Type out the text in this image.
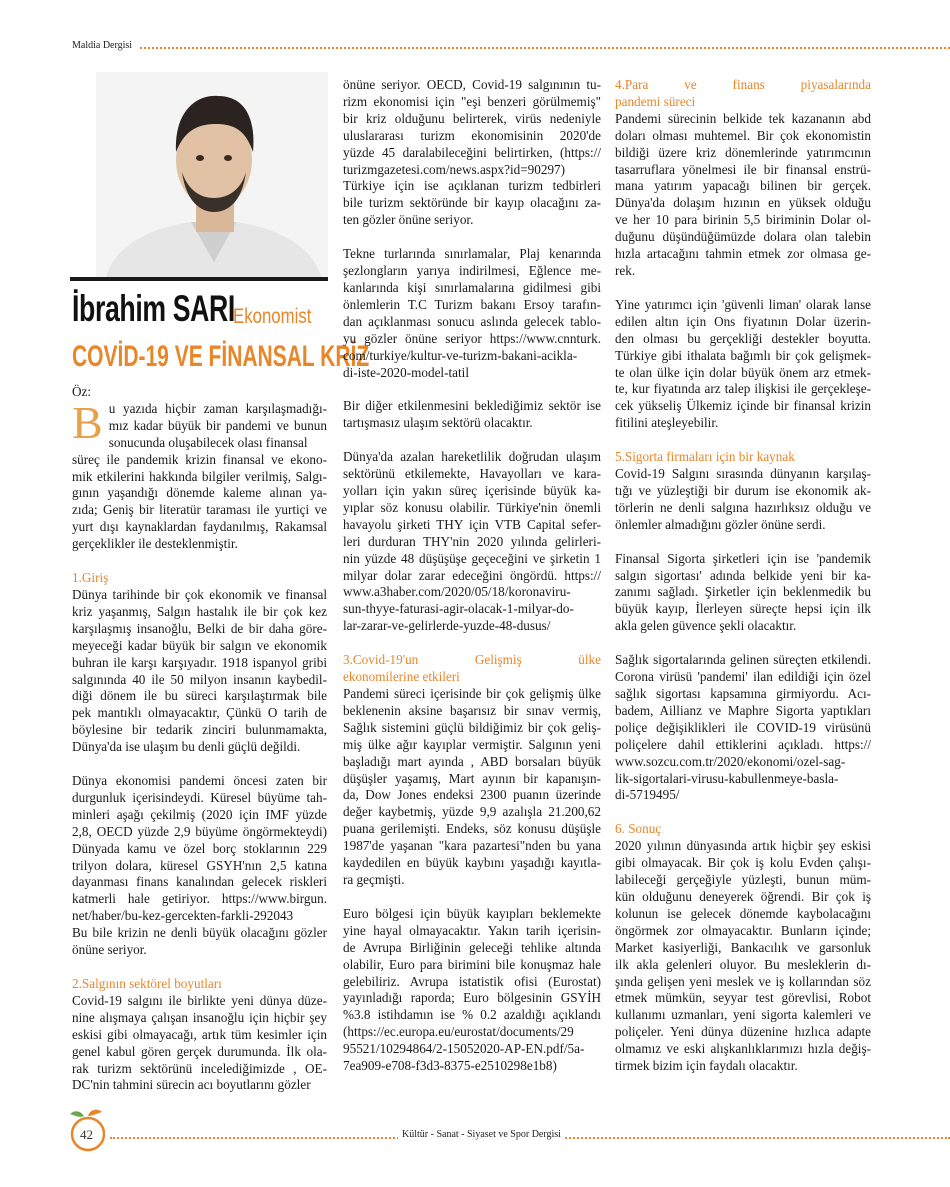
Maldia Dergisi
İbrahim SARI
Ekonomist
COVİD-19 VE FİNANSAL KRİZ

Öz:

B u yazıda hiçbir zaman karşılaşmadığı-
mız kadar büyük bir pandemi ve bunun
sonucunda oluşabilecek olası finansal
süreç ile pandemik krizin finansal ve ekono-
mik etkilerini hakkında bilgiler verilmiş, Salgı-
gının yaşandığı dönemde kaleme alınan ya-
zıda; Geniş bir literatür taraması ile yurtiçi ve
yurt dışı kaynaklardan faydanılmış, Rakamsal
gerçeklikler ile desteklenmiştir.

1.Giriş

Dünya tarihinde bir çok ekonomik ve finansal
kriz yaşanmış, Salgın hastalık ile bir çok kez
karşılaşmış insanoğlu, Belki de bir daha göre-
meyeceği kadar büyük bir salgın ve ekonomik
buhran ile karşı karşıyadır. 1918 ispanyol gribi
salgınında 40 ile 50 milyon insanın kaybedil-
diği dönem ile bu süreci karşılaştırmak bile
pek mantıklı olmayacaktır, Çünkü O tarih de
böylesine bir tedarik zinciri bulunmamakta,
Dünya'da ise ulaşım bu denli güçlü değildi.
Dünya ekonomisi pandemi öncesi zaten bir
durgunluk içerisindeydi. Küresel büyüme tah-
minleri aşağı çekilmiş (2020 için IMF yüzde
2,8, OECD yüzde 2,9 büyüme öngörmekteydi)
Dünyada kamu ve özel borç stoklarının 229
trilyon dolara, küresel GSYH'nın 2,5 katına
dayanması finans kanalından gelecek riskleri
katmerli hale getiriyor. https://www.birgun.
net/haber/bu-kez-gercekten-farkli-292043
Bu bile krizin ne denli büyük olacağını gözler
önüne seriyor.

2.Salgının sektörel boyutları

Covid-19 salgını ile birlikte yeni dünya düze-
nine alışmaya çalışan insanoğlu için hiçbir şey
eskisi gibi olmayacağı, artık tüm kesimler için
genel kabul gören gerçek durumunda. İlk ola-
rak turizm sektörünü incelediğimizde , OE-
DC'nin tahmini sürecin acı boyutlarını gözler
önüne seriyor. OECD, Covid-19 salgınının tu-
rizm ekonomisi için "eşi benzeri görülmemiş"
bir kriz olduğunu belirterek, virüs nedeniyle
uluslararası turizm ekonomisinin 2020'de
yüzde 45 daralabileceğini belirtirken, (https://
turizmgazetesi.com/news.aspx?id=90297)
Türkiye için ise açıklanan turizm tedbirleri
bile turizm sektöründe bir kayıp olacağını za-
ten gözler önüne seriyor.
Tekne turlarında sınırlamalar, Plaj kenarında
şezlongların yarıya indirilmesi, Eğlence me-
kanlarında kişi sınırlamalarına gidilmesi gibi
önlemlerin T.C Turizm bakanı Ersoy tarafın-
dan açıklanması sonucu aslında gelecek tablo-
yu gözler önüne seriyor https://www.cnnturk.
com/turkiye/kultur-ve-turizm-bakani-acikla-
di-iste-2020-model-tatil
Bir diğer etkilenmesini beklediğimiz sektör ise
tartışmasız ulaşım sektörü olacaktır.
Dünya'da azalan hareketlilik doğrudan ulaşım
sektörünü etkilemekte, Havayolları ve kara-
yolları için yakın süreç içerisinde büyük ka-
yıplar söz konusu olabilir. Türkiye'nin önemli
havayolu şirketi THY için VTB Capital sefer-
leri durduran THY'nin 2020 yılında gelirleri-
nin yüzde 48 düşüşüşe geçeceğini ve şirketin 1
milyar dolar zarar edeceğini öngördü. https://
www.a3haber.com/2020/05/18/koronaviru-
sun-thyye-faturasi-agir-olacak-1-milyar-do-
lar-zarar-ve-gelirlerde-yuzde-48-dusus/
3.Covid-19'un Gelişmiş ülke
ekonomilerine etkileri
Pandemi süreci içerisinde bir çok gelişmiş ülke
beklenenin aksine başarısız bir sınav vermiş,
Sağlık sistemini güçlü bildiğimiz bir çok geliş-
miş ülke ağır kayıplar vermiştir. Salgının yeni
başladığı mart ayında , ABD borsaları büyük
düşüşler yaşamış, Mart ayının bir kapanışın-
da, Dow Jones endeksi 2300 puanın üzerinde
değer kaybetmiş, yüzde 9,9 azalışla 21.200,62
puana gerilemişti. Endeks, söz konusu düşüşle
1987'de yaşanan "kara pazartesi"nden bu yana
kaydedilen en büyük kaybını yaşadığı kayıtla-
ra geçmişti.
Euro bölgesi için büyük kayıpları beklemekte
yine hayal olmayacaktır. Yakın tarih içerisin-
de Avrupa Birliğinin geleceği tehlike altında
olabilir, Euro para birimini bile konuşmaz hale
gelebiliriz. Avrupa istatistik ofisi (Eurostat)
yayınladığı raporda; Euro bölgesinin GSYİH
%3.8 istihdamın ise % 0.2 azaldığı açıklandı
(https://ec.europa.eu/eurostat/documents/29
95521/10294864/2-15052020-AP-EN.pdf/5a-
7ea909-e708-f3d3-8375-e2510298e1b8)
4.Para ve finans piyasalarında
pandemi süreci
Pandemi sürecinin belkide tek kazananın abd
doları olması muhtemel. Bir çok ekonomistin
bildiği üzere kriz dönemlerinde yatırımcının
tasarruflara yönelmesi ile bir finansal enstrü-
mana yatırım yapacağı bilinen bir gerçek.
Dünya'da dolaşım hızının en yüksek olduğu
ve her 10 para birinin 5,5 biriminin Dolar ol-
duğunu düşündüğümüzde dolara olan talebin
hızla artacağını tahmin etmek zor olmasa ge-
rek.
Yine yatırımcı için 'güvenli liman' olarak lanse
edilen altın için Ons fiyatının Dolar üzerin-
den olması bu gerçekliği destekler boyutta.
Türkiye gibi ithalata bağımlı bir çok gelişmek-
te olan ülke için dolar büyük önem arz etmek-
te, kur fiyatında arz talep ilişkisi ile gerçekleşe-
cek yükseliş Ülkemiz içinde bir finansal krizin
fitilini ateşleyebilir.

5.Sigorta firmaları için bir kaynak

Covid-19 Salgını sırasında dünyanın karşılaş-
tığı ve yüzleştiği bir durum ise ekonomik ak-
törlerin ne denli salgına hazırlıksız olduğu ve
önlemler almadığını gözler önüne serdi.
Finansal Sigorta şirketleri için ise 'pandemik
salgın sigortası' adında belkide yeni bir ka-
zanımı sağladı. Şirketler için beklenmedik bu
büyük kayıp, İlerleyen süreçte hepsi için ilk
akla gelen güvence şekli olacaktır.
Sağlık sigortalarında gelinen süreçten etkilendi.
Corona virüsü 'pandemi' ilan edildiği için özel
sağlık sigortası kapsamına girmiyordu. Acı-
badem, Aillianz ve Maphre Sigorta yaptıkları
poliçe değişiklikleri ile COVID-19 virüsünü
poliçelere dahil ettiklerini açıkladı. https://
www.sozcu.com.tr/2020/ekonomi/ozel-sag-
lik-sigortalari-virusu-kabullenmeye-basla-
di-5719495/

6. Sonuç

2020 yılının dünyasında artık hiçbir şey eskisi
gibi olmayacak. Bir çok iş kolu Evden çalışı-
labileceği gerçeğiyle yüzleşti, bunun müm-
kün olduğunu deneyerek öğrendi. Bir çok iş
kolunun ise gelecek dönemde kaybolacağını
öngörmek zor olmayacaktır. Bunların içinde;
Market kasiyerliği, Bankacılık ve garsonluk
ilk akla gelenleri oluyor. Bu mesleklerin dı-
şında gelişen yeni meslek ve iş kollarından söz
etmek mümkün, seyyar test görevlisi, Robot
kullanımı uzmanları, yeni sigorta kalemleri ve
poliçeler. Yeni dünya düzenine hızlıca adapte
olmamız ve eski alışkanlıklarımızı hızla değiş-
tirmek bizim için faydalı olacaktır.
42	Kültür - Sanat - Siyaset ve Spor Dergisi
